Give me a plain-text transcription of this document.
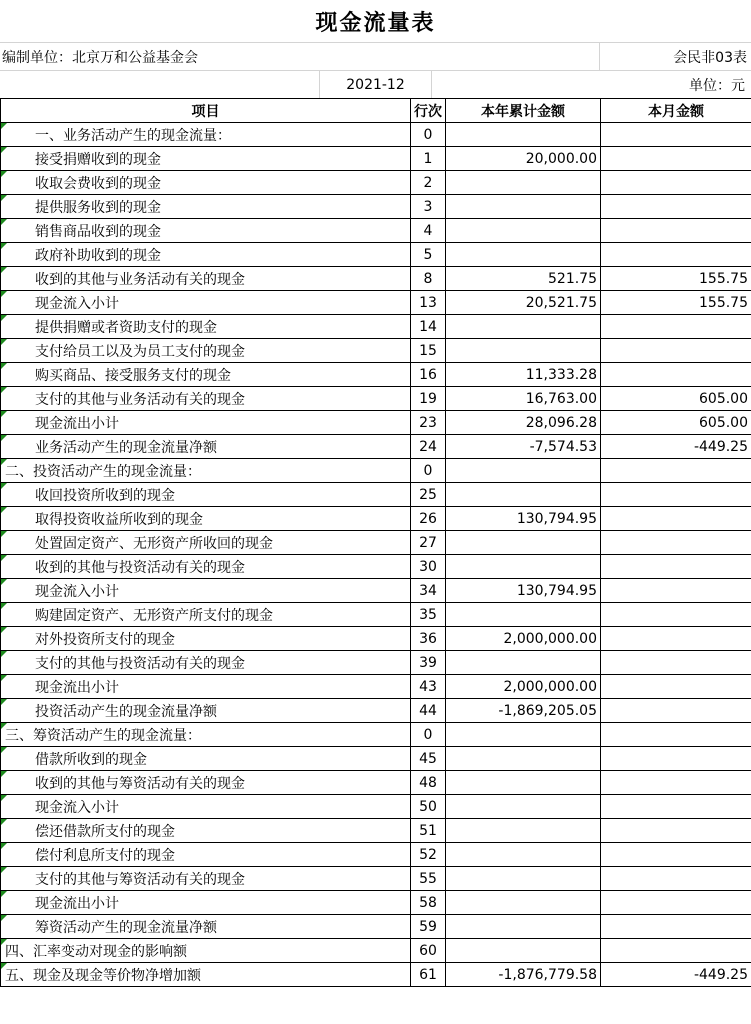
现金流量表
编制单位：北京万和公益基金会	会民非03表
2021-12	单位：元
项目	行次	本年累计金额	本月金额
一、业务活动产生的现金流量：	0		
接受捐赠收到的现金	1	20,000.00	
收取会费收到的现金	2		
提供服务收到的现金	3		
销售商品收到的现金	4		
政府补助收到的现金	5		
收到的其他与业务活动有关的现金	8	521.75	155.75
现金流入小计	13	20,521.75	155.75
提供捐赠或者资助支付的现金	14		
支付给员工以及为员工支付的现金	15		
购买商品、接受服务支付的现金	16	11,333.28	
支付的其他与业务活动有关的现金	19	16,763.00	605.00
现金流出小计	23	28,096.28	605.00
业务活动产生的现金流量净额	24	-7,574.53	-449.25
二、投资活动产生的现金流量：	0		
收回投资所收到的现金	25		
取得投资收益所收到的现金	26	130,794.95	
处置固定资产、无形资产所收回的现金	27		
收到的其他与投资活动有关的现金	30		
现金流入小计	34	130,794.95	
购建固定资产、无形资产所支付的现金	35		
对外投资所支付的现金	36	2,000,000.00	
支付的其他与投资活动有关的现金	39		
现金流出小计	43	2,000,000.00	
投资活动产生的现金流量净额	44	-1,869,205.05	
三、筹资活动产生的现金流量：	0		
借款所收到的现金	45		
收到的其他与筹资活动有关的现金	48		
现金流入小计	50		
偿还借款所支付的现金	51		
偿付利息所支付的现金	52		
支付的其他与筹资活动有关的现金	55		
现金流出小计	58		
筹资活动产生的现金流量净额	59		
四、汇率变动对现金的影响额	60		
五、现金及现金等价物净增加额	61	-1,876,779.58	-449.25
